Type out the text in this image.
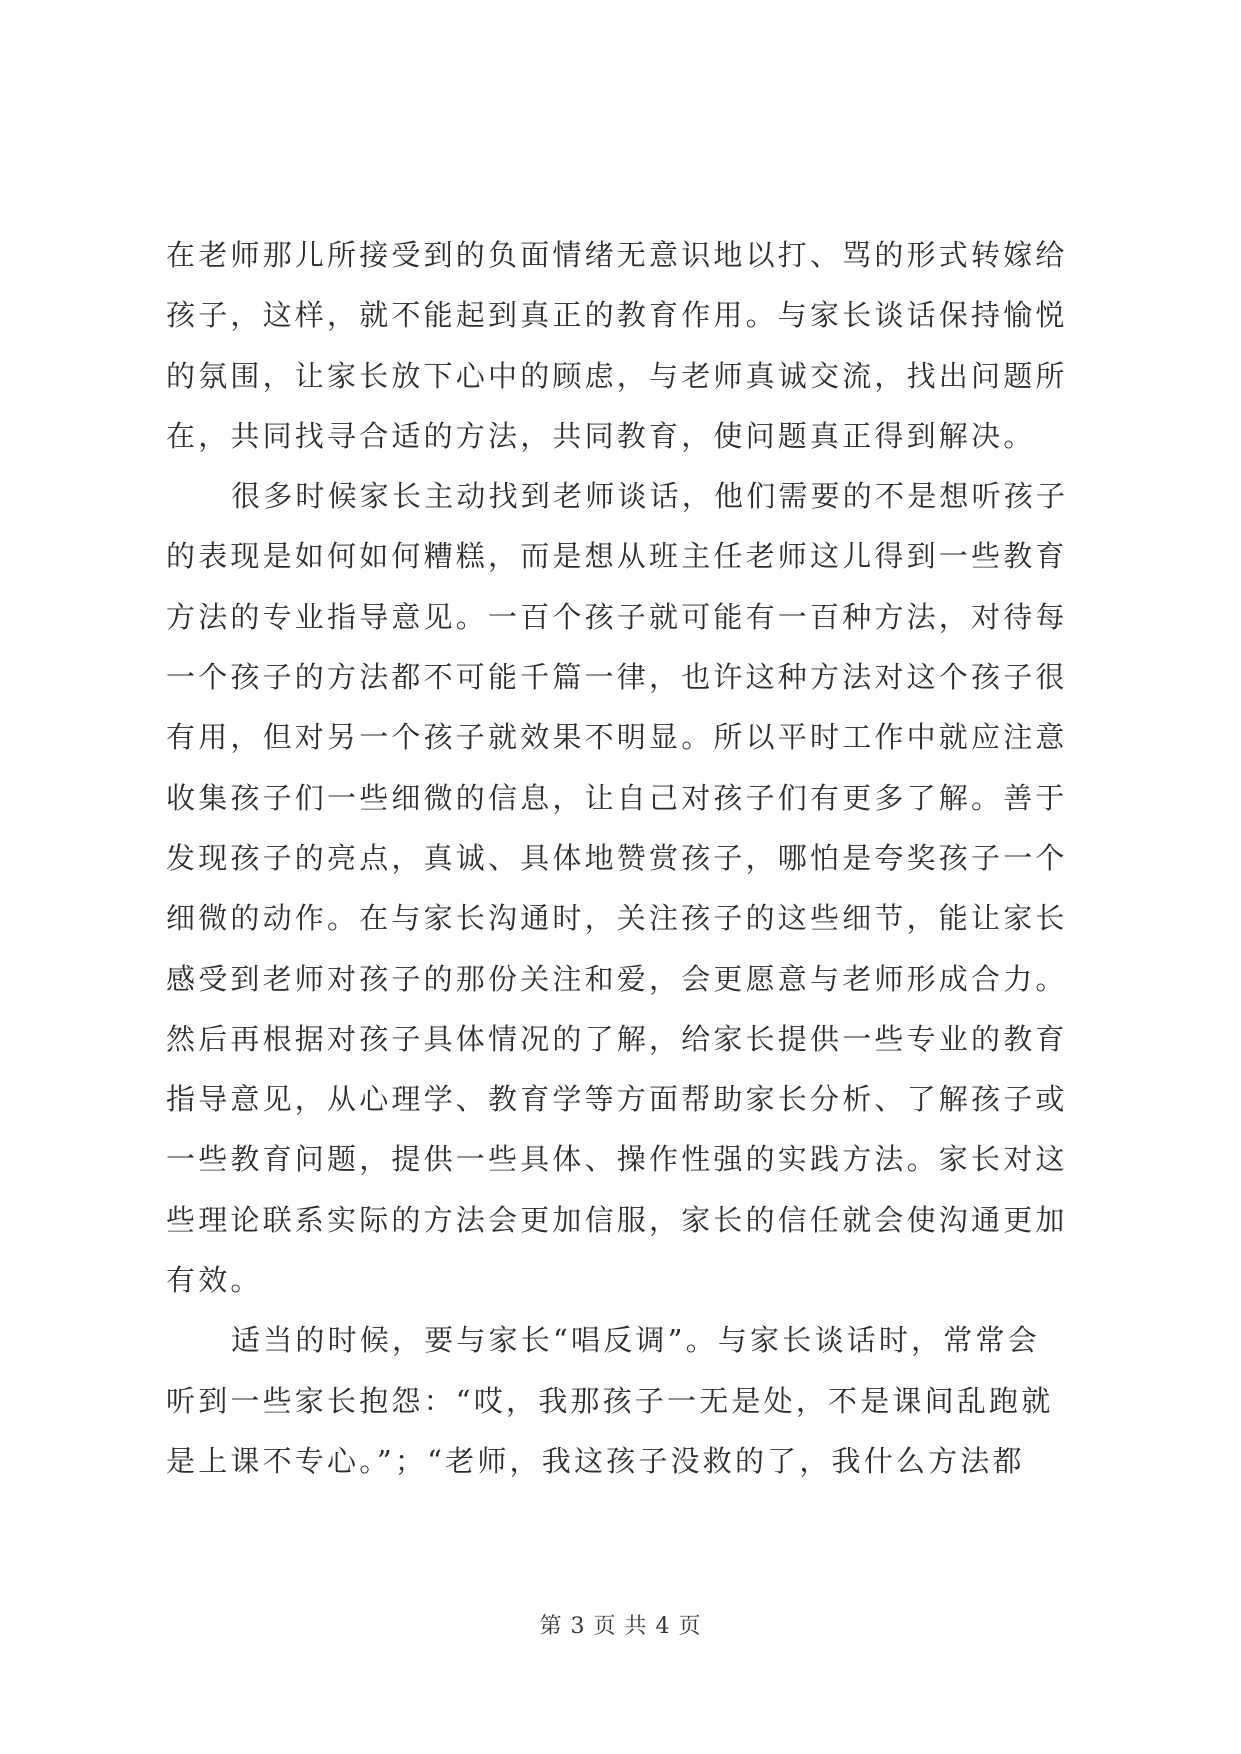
在老师那儿所接受到的负面情绪无意识地以打、骂的形式转嫁给
孩子，这样，就不能起到真正的教育作用。与家长谈话保持愉悦
的氛围，让家长放下心中的顾虑，与老师真诚交流，找出问题所
在，共同找寻合适的方法，共同教育，使问题真正得到解决。
很多时候家长主动找到老师谈话，他们需要的不是想听孩子
的表现是如何如何糟糕，而是想从班主任老师这儿得到一些教育
方法的专业指导意见。一百个孩子就可能有一百种方法，对待每
一个孩子的方法都不可能千篇一律，也许这种方法对这个孩子很
有用，但对另一个孩子就效果不明显。所以平时工作中就应注意
收集孩子们一些细微的信息，让自己对孩子们有更多了解。善于
发现孩子的亮点，真诚、具体地赞赏孩子，哪怕是夸奖孩子一个
细微的动作。在与家长沟通时，关注孩子的这些细节，能让家长
感受到老师对孩子的那份关注和爱，会更愿意与老师形成合力。
然后再根据对孩子具体情况的了解，给家长提供一些专业的教育
指导意见，从心理学、教育学等方面帮助家长分析、了解孩子或
一些教育问题，提供一些具体、操作性强的实践方法。家长对这
些理论联系实际的方法会更加信服，家长的信任就会使沟通更加
有效。
适当的时候，要与家长“唱反调”。与家长谈话时，常常会
听到一些家长抱怨：“哎，我那孩子一无是处，不是课间乱跑就
是上课不专心。”；“老师，我这孩子没救的了，我什么方法都
第 3 页 共 4 页
